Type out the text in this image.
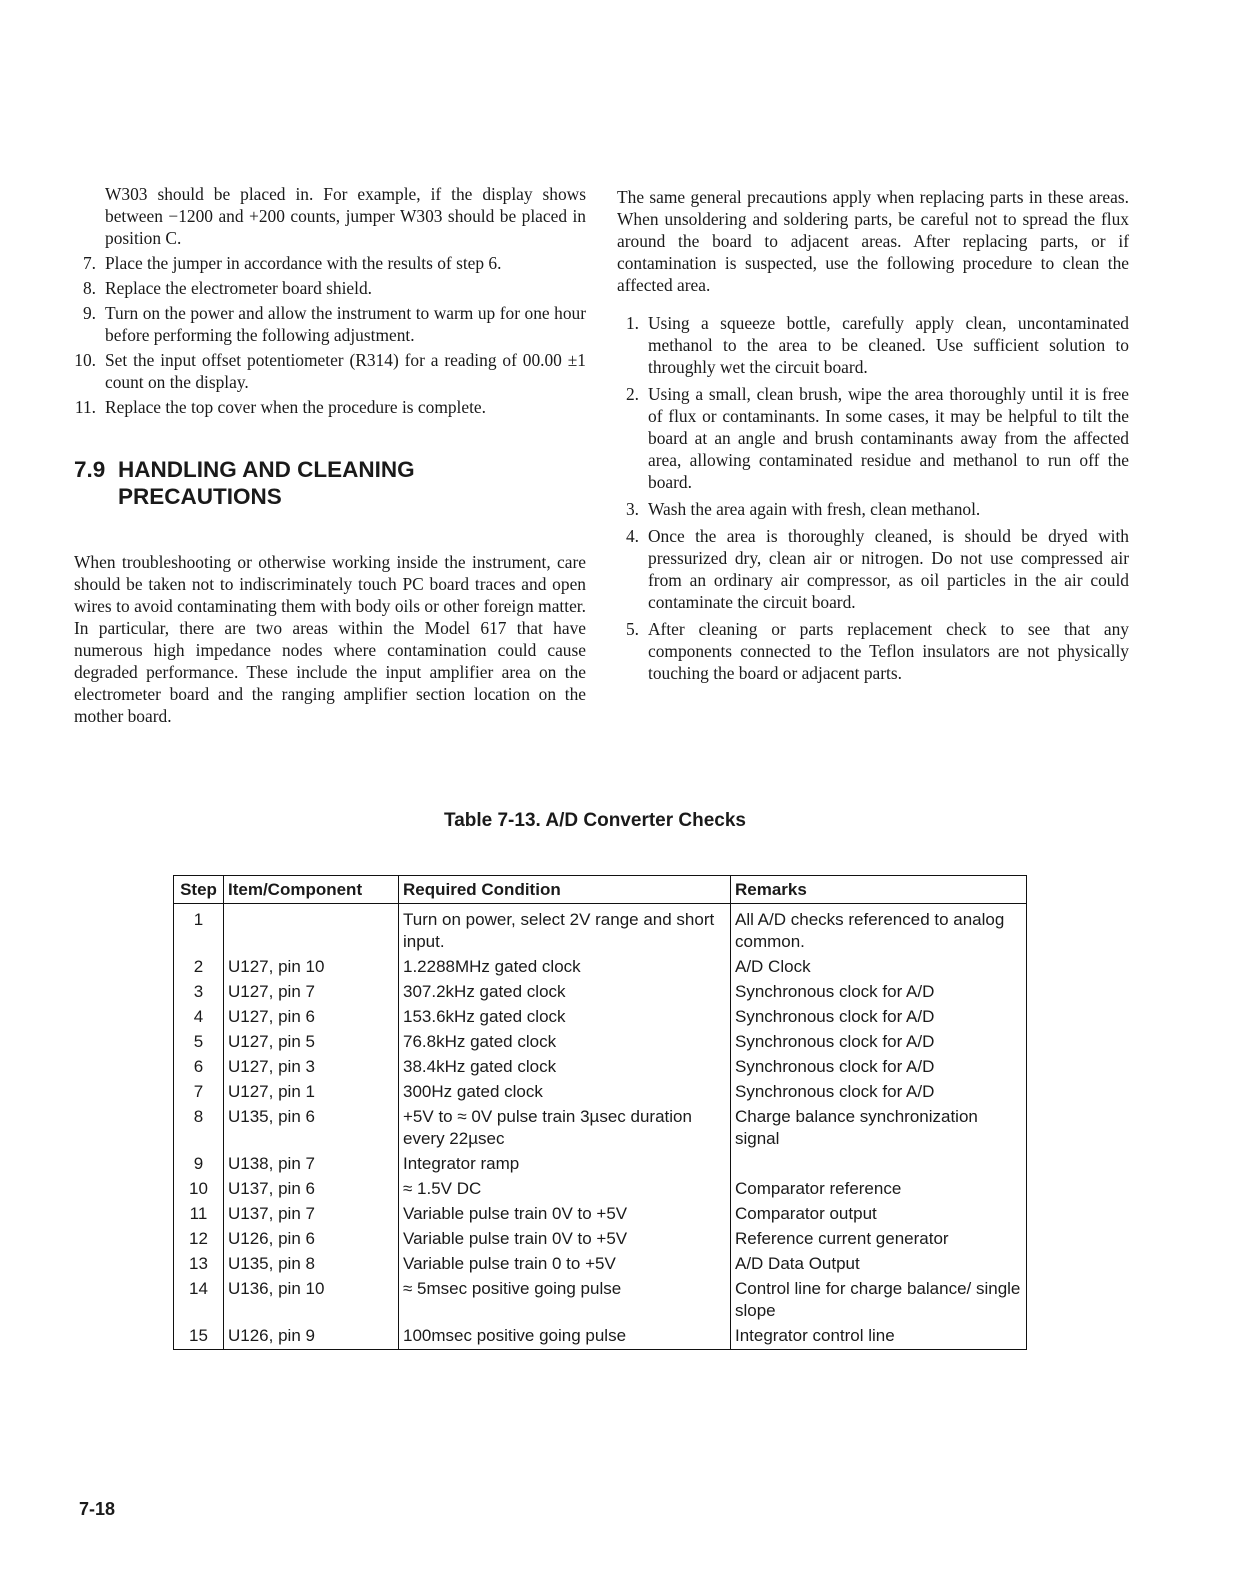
W303 should be placed in. For example, if the display shows between −1200 and +200 counts, jumper W303 should be placed in position C.

7. Place the jumper in accordance with the results of step 6.
8. Replace the electrometer board shield.
9. Turn on the power and allow the instrument to warm up for one hour before performing the following adjustment.
10. Set the input offset potentiometer (R314) for a reading of 00.00 ±1 count on the display.
11. Replace the top cover when the procedure is complete.
7.9 HANDLING AND CLEANING
PRECAUTIONS

When troubleshooting or otherwise working inside the instrument, care should be taken not to indiscriminately touch PC board traces and open wires to avoid contaminating them with body oils or other foreign matter. In particular, there are two areas within the Model 617 that have numerous high impedance nodes where contamination could cause degraded performance. These include the input amplifier area on the electrometer board and the ranging amplifier section location on the mother board.

The same general precautions apply when replacing parts in these areas. When unsoldering and soldering parts, be careful not to spread the flux around the board to adjacent areas. After replacing parts, or if contamination is suspected, use the following procedure to clean the affected area.

1. Using a squeeze bottle, carefully apply clean, uncontaminated methanol to the area to be cleaned. Use sufficient solution to throughly wet the circuit board.
2. Using a small, clean brush, wipe the area thoroughly until it is free of flux or contaminants. In some cases, it may be helpful to tilt the board at an angle and brush contaminants away from the affected area, allowing contaminated residue and methanol to run off the board.
3. Wash the area again with fresh, clean methanol.
4. Once the area is thoroughly cleaned, is should be dryed with pressurized dry, clean air or nitrogen. Do not use compressed air from an ordinary air compressor, as oil particles in the air could contaminate the circuit board.
5. After cleaning or parts replacement check to see that any components connected to the Teflon insulators are not physically touching the board or adjacent parts.
Table 7-13. A/D Converter Checks
Step	Item/Component	Required Condition	Remarks
1		Turn on power, select 2V range and short input.	All A/D checks referenced to analog common.
2	U127, pin 10	1.2288MHz gated clock	A/D Clock
3	U127, pin 7	307.2kHz gated clock	Synchronous clock for A/D
4	U127, pin 6	153.6kHz gated clock	Synchronous clock for A/D
5	U127, pin 5	76.8kHz gated clock	Synchronous clock for A/D
6	U127, pin 3	38.4kHz gated clock	Synchronous clock for A/D
7	U127, pin 1	300Hz gated clock	Synchronous clock for A/D
8	U135, pin 6	+5V to ≈ 0V pulse train 3µsec duration every 22µsec	Charge balance synchronization signal
9	U138, pin 7	Integrator ramp	
10	U137, pin 6	≈ 1.5V DC	Comparator reference
11	U137, pin 7	Variable pulse train 0V to +5V	Comparator output
12	U126, pin 6	Variable pulse train 0V to +5V	Reference current generator
13	U135, pin 8	Variable pulse train 0 to +5V	A/D Data Output
14	U136, pin 10	≈ 5msec positive going pulse	Control line for charge balance/ single slope
15	U126, pin 9	100msec positive going pulse	Integrator control line
7-18
